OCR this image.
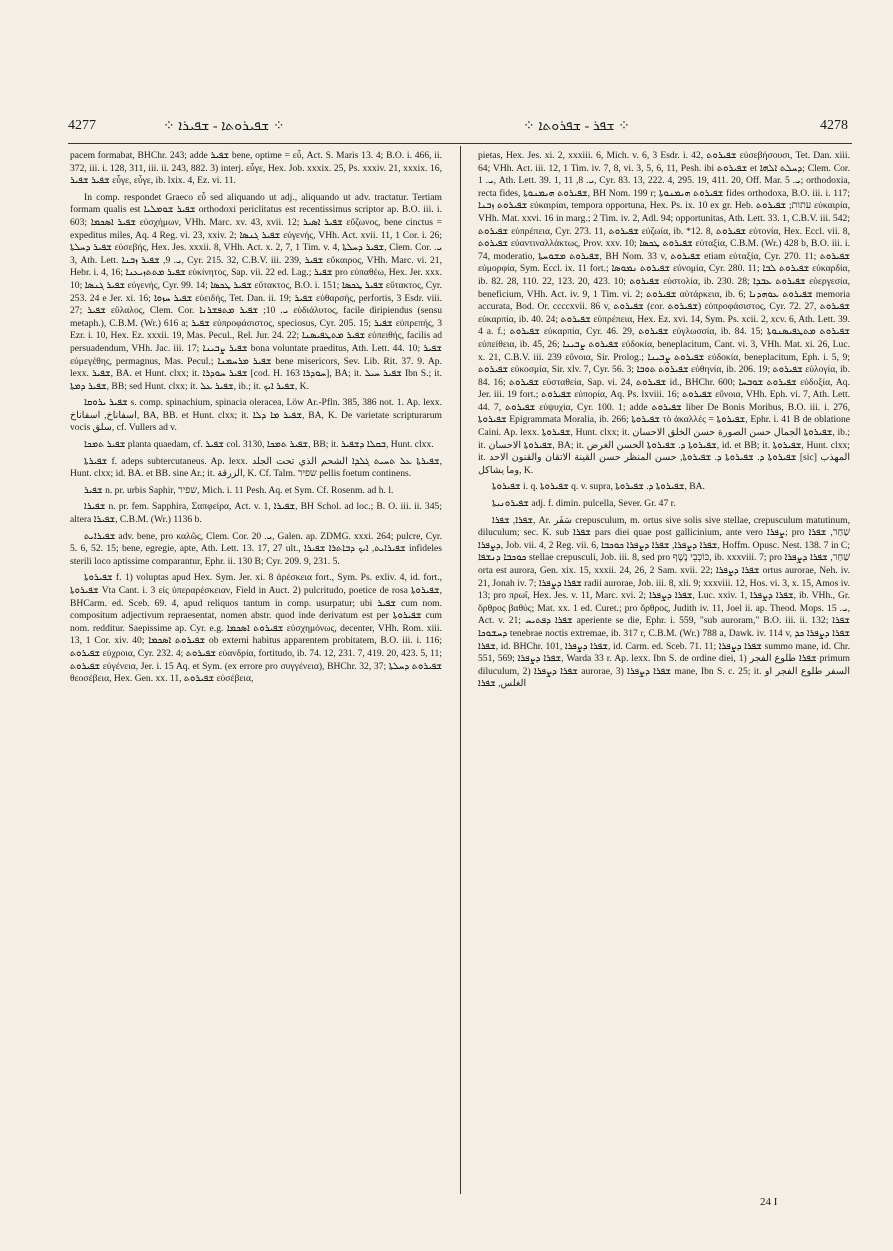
4277	⁘ ܫܦܝܪܘܬܐ - ܫܦܝܪܐ ⁘	⁘ ܫܦܪ - ܫܦܪܘܬܐ ⁘	4278

pacem formabat, BHChr. 243; adde ܫܦܝܪ bene, optime = εὖ, Act. S. Maris 13. 4; B.O. i. 466, ii. 372, iii. i. 128, 311, iii. ii. 243, 882. 3) interj. εὖγε, Hex. Job. xxxix. 25, Ps. xxxiv. 21, xxxix. 16, ܫܦܝܪ ܫܦܝܪ εὖγε, εὖγε, ib. lxix. 4, Ez. vi. 11.

In comp. respondet Graeco εὖ sed aliquando ut adj., aliquando ut adv. tractatur. Tertiam formam qualis est ܫܦܝܪ ܫܘܡܠܝܐ orthodoxi periclitatus est recentissimus scriptor ap. B.O. iii. i. 603; ܫܦܝܪ ܐܣܟܡܐ εὐσχήμων, VHh. Marc. xv. 43, xvii. 12; ܫܦܝܪ ܐܣܝܪ εὔζωνος, bene cinctus = expeditus miles, Aq. 4 Reg. vi. 23, xxiv. 2; ܫܦܝܪ ܓܢܣܐ εὐγενής, VHh. Act. xvii. 11, 1 Cor. i. 26; ܫܦܝܪ ܕܚܠܬܐ εὐσεβής, Hex. Jes. xxxii. 8, VHh. Act. x. 2, 7, 1 Tim. v. 4, ܫܦܝܪ ܕܚܠܬܐ, Clem. Cor. ܝ. 3, Ath. Lett. ܝ. 9, ܫܦܝܪ ܙܒܢܐ, Cyr. 215. 32, C.B.V. iii. 239, ܫܦܝܪ εὔκαιρος, VHh. Marc. vi. 21, Hebr. i. 4, 16; ܫܦܝܪ ܡܬܬܙܝܥܢܐ εὐκίνητος, Sap. vii. 22 ed. Lag.; ܫܦܝܪ pro εὐπαθέω, Hex. Jer. xxx. 10; ܫܦܝܪ ܓܢܣܐ εὐγενής, Cyr. 99. 14; ܫܦܝܪ ܛܟܣܐ εὔτακτος, B.O. i. 151; ܫܦܝܪ ܛܟܣܐ εὔτακτος, Cyr. 253. 24 e Jer. xi. 16; ܫܦܝܪ ܚܙܘܐ εὐειδής, Tet. Dan. ii. 19; ܫܦܝܪ εὐθαρσής, perfortis, 3 Esdr. viii. 27; ܫܦܝܪ εὔλαλος, Clem. Cor. ܝ. 10; ܫܦܝܪ ܡܬܦܫܪܢܐ εὐδιάλυτος, facile diripiendus (sensu metaph.), C.B.M. (Wr.) 616 a; ܫܦܝܪ εὐπροφάσιστος, speciosus, Cyr. 205. 15; ܫܦܝܪ εὐπρεπής, 3 Ezr. i. 10, Hex. Ez. xxxii. 19, Mas. Pecul., Rel. Jur. 24. 22; ܫܦܝܪ ܡܬܛܦܝܣܢܐ εὐπειθής, facilis ad persuadendum, VHh. Jac. iii. 17; ܫܦܝܪ ܨܒܝܢܐ bona voluntate praeditus, Ath. Lett. 44. 10; ܫܦܝܪ εὐμεγέθης, permagnus, Mas. Pecul.; ܫܦܝܪ ܡܪܚܡܢܐ bene misericors, Sev. Lib. Rit. 37. 9. Ap. lexx. ܫܦܝܪ, BA. et Hunt. clxx; it. ܫܦܝܪ ܚܘܕܪܐ [cod. H. 163 ܚܘܕܪܐ], BA; it. ܫܦܝܪ ܚܝܠ Ibn S.; it. ܫܦܝܪ ܕܡܬܐ, BB; sed Hunt. clxx; it. ܫܦܝܪ ܥܠ, ib.; it. ܫܦܝܪ ܐܝܟ, K.

ܫܦܝܪ ܝܪܘܩܐ s. comp. spinachium, spinacia oleracea, Löw Ar.-Pfln. 385, 386 not. 1. Ap. lexx. اسفاناخ, اسفاناخ, BA, BB. et Hunt. clxx; it. ܫܦܝܪ ܡܐ ܕܠܐ, BA, K. De varietate scripturarum vocis سلق, cf. Vullers ad v.

ܫܦܝܪ ܬܡܟܐ planta quaedam, cf. ܫܦܝܪ col. 3130, ܫܦܝܪ ܬܡܟܐ, BB; it. ܒܩܠܐ ܕܫܦܝܪ, Hunt. clxx.

ܫܦܝܪܬܐ f. adeps subtercutaneus. Ap. lexx. ܫܦܝܪܬܐ ܥܠ ܬܚܝܬ ܓܠܕܐ الشحم الذي تحت الجلد, Hunt. clxx; id. BA. et BB. sine Ar.; it. الزرقة, K. Cf. Talm. שפיר pellis foetum continens.

ܫܦܝܪ n. pr. urbis Saphir, שפיר, Mich. i. 11 Pesh. Aq. et Sym. Cf. Rosenm. ad h. l.

ܫܦܝܪܐ n. pr. fem. Sapphira, Σαπφείρα, Act. v. 1, ܫܦܝܪܐ, BH Schol. ad loc.; B. O. iii. ii. 345; altera ܫܦܝܪܐ, C.B.M. (Wr.) 1136 b.

ܫܦܝܪܐܝܬ adv. bene, pro καλῶς, Clem. Cor. ܝ. 20, Galen. ap. ZDMG. xxxi. 264; pulcre, Cyr. 5. 6, 52. 15; bene, egregie, apte, Ath. Lett. 13. 17, 27 ult., ܫܦܝܪܐܝܬ, ܐܝܟ ܕܒܐܬܪܐ ܫܦܝܪܐ infideles sterili loco aptissime comparantur, Ephr. ii. 130 B; Cyr. 209. 9, 231. 5.

ܫܦܝܪܘܬܐ f. 1) voluptas apud Hex. Sym. Jer. xi. 8 ἀρέσκεια fort., Sym. Ps. exliv. 4, id. fort., ܫܦܝܪܘܬܐ Vta Cant. i. 3 εἰς ὑπεραρέσκειαν, Field in Auct. 2) pulcritudo, poetice de rosa ܫܦܝܪܘܬܐ, BHCarm. ed. Sceb. 69. 4, apud reliquos tantum in comp. usurpatur; ubi ܫܦܝܪ cum nom. compositum adjectivum repraesentat, nomen abstr. quod inde derivatum est per ܫܦܝܪܘܬܐ cum nom. redditur. Saepissime ap. Cyr. e.g. ܫܦܝܪܘܬ ܐܣܟܡܐ εὐσχημόνως, decenter, VHh. Rom. xiii. 13, 1 Cor. xiv. 40; ܫܦܝܪܘܬ ܐܣܟܡܐ ob externi habitus apparentem probitatem, B.O. iii. i. 116; ܫܦܝܪܘܬ εὐχροια, Cyr. 232. 4; ܫܦܝܪܘܬ εὐανδρία, fortitudo, ib. 74. 12, 231. 7, 419. 20, 423. 5, 11; ܫܦܝܪܘܬ εὐγένεια, Jer. i. 15 Aq. et Sym. (ex errore pro συγγένεια), BHChr. 32, 37; ܫܦܝܪܘܬ ܕܚܠܬܐ θεοσέβεια, Hex. Gen. xx. 11, ܫܦܝܪܘܬ εὐσέβεια,

pietas, Hex. Jes. xi. 2, xxxiii. 6, Mich. v. 6, 3 Esdr. i. 42, ܫܦܝܪܘܬ εὐσεβήσουσι, Tet. Dan. xiii. 64; VHh. Act. iii. 12, 1 Tim. iv. 7, 8, vi. 3, 5, 6, 11, Pesh. ibi ܫܦܝܪܘܬ et ܕܚܠܬ ܐܠܗܐ; Clem. Cor. ܝ. 1, Ath. Lett. 39. 1, ܝ. 8, 11, Cyr. 83. 13, 222. 4, 295. 19, 411. 20, Off. Mar. ܝ. 5; orthodoxia, recta fides, ܫܦܝܪܘܬ ܗܝܡܢܘܬܐ, BH Nom. 199 r; ܫܦܝܪܘܬ ܗܝܡܢܘܬܐ fides orthodoxa, B.O. iii. i. 117; ܫܦܝܪܘܬ ܙܒܢܐ εὐκαιρίαι, tempora opportuna, Hex. Ps. ix. 10 ex gr. Heb. עתות; ܫܦܝܪܘܬ εὐκαιρία, VHh. Mat. xxvi. 16 in marg.; 2 Tim. iv. 2, Adl. 94; opportunitas, Ath. Lett. 33. 1, C.B.V. iii. 542; ܫܦܝܪܘܬ εὐπρέπεια, Cyr. 273. 11, ܫܦܝܪܘܬ εὐζωία, ib. *12. 8, ܫܦܝܪܘܬ εὐτονία, Hex. Eccl. vii. 8, ܫܦܝܪܘܬ εὐαντιναλλάκτως, Prov. xxv. 10; ܫܦܝܪܘܬ ܛܟܣܐ εὐταξία, C.B.M. (Wr.) 428 b, B.O. iii. i. 74, moderatio, ܫܦܝܪܘܬ ܡܫܘܚܬܐ, BH Nom. 33 v, ܫܦܝܪܘܬ etiam εὐταξία, Cyr. 270. 11; ܫܦܝܪܘܬ εὐμορφία, Sym. Eccl. ix. 11 fort.; ܫܦܝܪܘܬ ܢܡܘܣܐ εὐνομία, Cyr. 280. 11; ܫܦܝܪܘܬ ܠܒܐ εὐκαρδία, ib. 82. 28, 110. 22, 123. 20, 423. 10; ܫܦܝܪܘܬ εὐστολία, ib. 230. 28; ܫܦܝܪܘܬ ܥܒܕܐ εὐεργεσία, beneficium, VHh. Act. iv. 9, 1 Tim. vi. 2; ܫܦܝܪܘܬ αὐτάρκεια, ib. 6; ܫܦܝܪܘܬ ܥܘܗܕܢܐ memoria accurata, Bod. Or. ccccxvii. 86 v, ܫܦܝܪܘܬ (cor. ܫܦܝܪܘܬ) εὐπροφάσιστος, Cyr. 72. 27, ܫܦܝܪܘܬ εὐκαρπία, ib. 40. 24; ܫܦܝܪܘܬ εὐπρέπεια, Hex. Ez. xvi. 14, Sym. Ps. xcii. 2, xcv. 6, Ath. Lett. 39. 4 a. f.; ܫܦܝܪܘܬ εὐκαρπία, Cyr. 46. 29, ܫܦܝܪܘܬ εὐγλωσσία, ib. 84. 15; ܫܦܝܪܘܬ ܡܬܛܦܝܣܢܘܬܐ εὐπείθεια, ib. 45, 26; ܫܦܝܪܘܬ ܨܒܝܢܐ εὐδοκία, beneplacitum, Cant. vi. 3, VHh. Mat. xi. 26, Luc. x. 21, C.B.V. iii. 239 εὔνοια, Sir. Prolog.; ܫܦܝܪܘܬ ܨܒܝܢܐ εὐδοκία, beneplacitum, Eph. i. 5, 9; ܫܦܝܪܘܬ εὐκοσμία, Sir. xlv. 7, Cyr. 56. 3; ܫܦܝܪܘܬ ܬܘܒܐ εὐθηνία, ib. 206. 19; ܫܦܝܪܘܬ εὐλογία, ib. 84. 16; ܫܦܝܪܘܬ εὐσταθεία, Sap. vi. 24, ܫܦܝܪܘܬ id., BHChr. 600; ܫܦܝܪܘܬ ܫܘܒܚܐ εὐδοξία, Aq. Jer. iii. 19 fort.; ܫܦܝܪܘܬ εὐπορία, Aq. Ps. lxviii. 16; ܫܦܝܪܘܬ εὔνοια, VHh. Eph. vi. 7, Ath. Lett. 44. 7, ܫܦܝܪܘܬ εὐψυχία, Cyr. 100. 1; adde ܫܦܝܪܘܬ liber De Bonis Moribus, B.O. iii. i. 276, ܫܦܝܪܘܬܐ Epigrammata Moralia, ib. 266; ܫܦܝܪܘܬܐ τὸ ἀκαλλές = ܫܦܝܪܘܬܐ, Ephr. i. 41 B de oblatione Caini. Ap. lexx. ܫܦܝܪܘܬܐ, Hunt. clxx; it. ܫܦܝܪܘܬܐ الجمال حسن الصورة حسن الخلق الاحسان, ib.; it. ܫܦܝܪܘܬܐ الاحسان, BA; it. ܫܦܝܪܘܬܐ ܕ. ܫܦܝܪܘܬܐ الحسن الغرض, id. et BB; it. ܫܦܝܪܘܬܐ, Hunt. clxx; it. ܫܦܝܪܘܬܐ ܕ. ܫܦܝܪܘܬܐ ܕ. ܫܦܝܪܘܬܐ, حسن المنظر حسن القينة الاتقان والقنون الاحد [sic] المهذب وما يشاكل, K.

ܫܦܝܪܘܬܐ i. q. ܫܦܝܪܘܬܐ q. v. supra, ܫܦܝܪܘܬܐ ܕ. ܫܦܝܪܘܬܐ, BA.

ܫܦܝܪܘܢܝܬܐ adj. f. dimin. pulcella, Sever. Gr. 47 r.

ܫܦܪܐ, ܫܦܪܐ, Ar. سَفَر crepusculum, m. ortus sive solis sive stellae, crepusculum matutinum, diluculum; sec. K. sub ܫܦܪܐ pars diei quae post gallicinium, ante vero ܨܦܪܐ; pro שַׁחַר, ܫܦܪܐ ܕܨܦܪܐ, Job. vii. 4, 2 Reg. vii. 6, ܫܦܪܐ ܕܨܦܪܐ, ܫܦܪܐ ܕܨܦܪܐ ܟܘܟܒܐ, Hoffm. Opusc. Nest. 138. 7 in C; ܟܘܟܒܐ ܕܢܫܦܐ stellae crepusculi, Job. iii. 8, sed pro כּוֹכְבֵי נֶשֶׁף, ib. xxxviii. 7; pro שַׁחַר, ܫܦܪܐ ܕܨܦܪܐ orta est aurora, Gen. xix. 15, xxxii. 24, 26, 2 Sam. xvii. 22; ܫܦܪܐ ܕܨܦܪܐ ortus aurorae, Neh. iv. 21, Jonah iv. 7; ܫܦܪܐ ܕܨܦܪܐ radii aurorae, Job. iii. 8, xli. 9; xxxviii. 12, Hos. vi. 3, x. 15, Amos iv. 13; pro πρωΐ, Hex. Jes. v. 11, Marc. xvi. 2; ܫܦܪܐ ܕܨܦܪܐ, Luc. xxiv. 1, ܫܦܪܐ ܕܨܦܪܐ, ib. VHh., Gr. ὄρθρος βαθύς; Mat. xx. 1 ed. Curet.; pro ὄρθρος, Judith iv. 11, Joel ii. ap. Theod. Mops. ܝ. 15, Act. v. 21; ܫܦܪܐ ܕܦܬܝܚ aperiente se die, Ephr. i. 559, "sub auroram," B.O. iii. ii. 132; ܫܦܪܐ ܕܚܫܘܟܐ tenebrae noctis extremae, ib. 317 r, C.B.M. (Wr.) 788 a, Dawk. iv. 114 v, ܫܦܪܐ ܕܨܦܪܐ ܟܕ ܫܦܪܐ, id. BHChr. 101, ܫܦܪܐ ܕܨܦܪܐ, id. Carm. ed. Sceb. 71. 11; ܫܦܪܐ ܕܨܦܪܐ summo mane, id. Chr. 551, 569; ܫܦܪܐ ܕܨܦܪܐ, Warda 33 r. Ap. lexx. Ibn S. de ordine diei, 1) ܫܦܪܐ طلوع الفجر primum diluculum, 2) ܫܦܪܐ ܕܨܦܪܐ aurorae, 3) ܫܦܪܐ ܕܨܦܪܐ mane, Ibn S. c. 25; it. السفر طلوع الفجر او الغلس, ܫܦܪܐ

24 I
